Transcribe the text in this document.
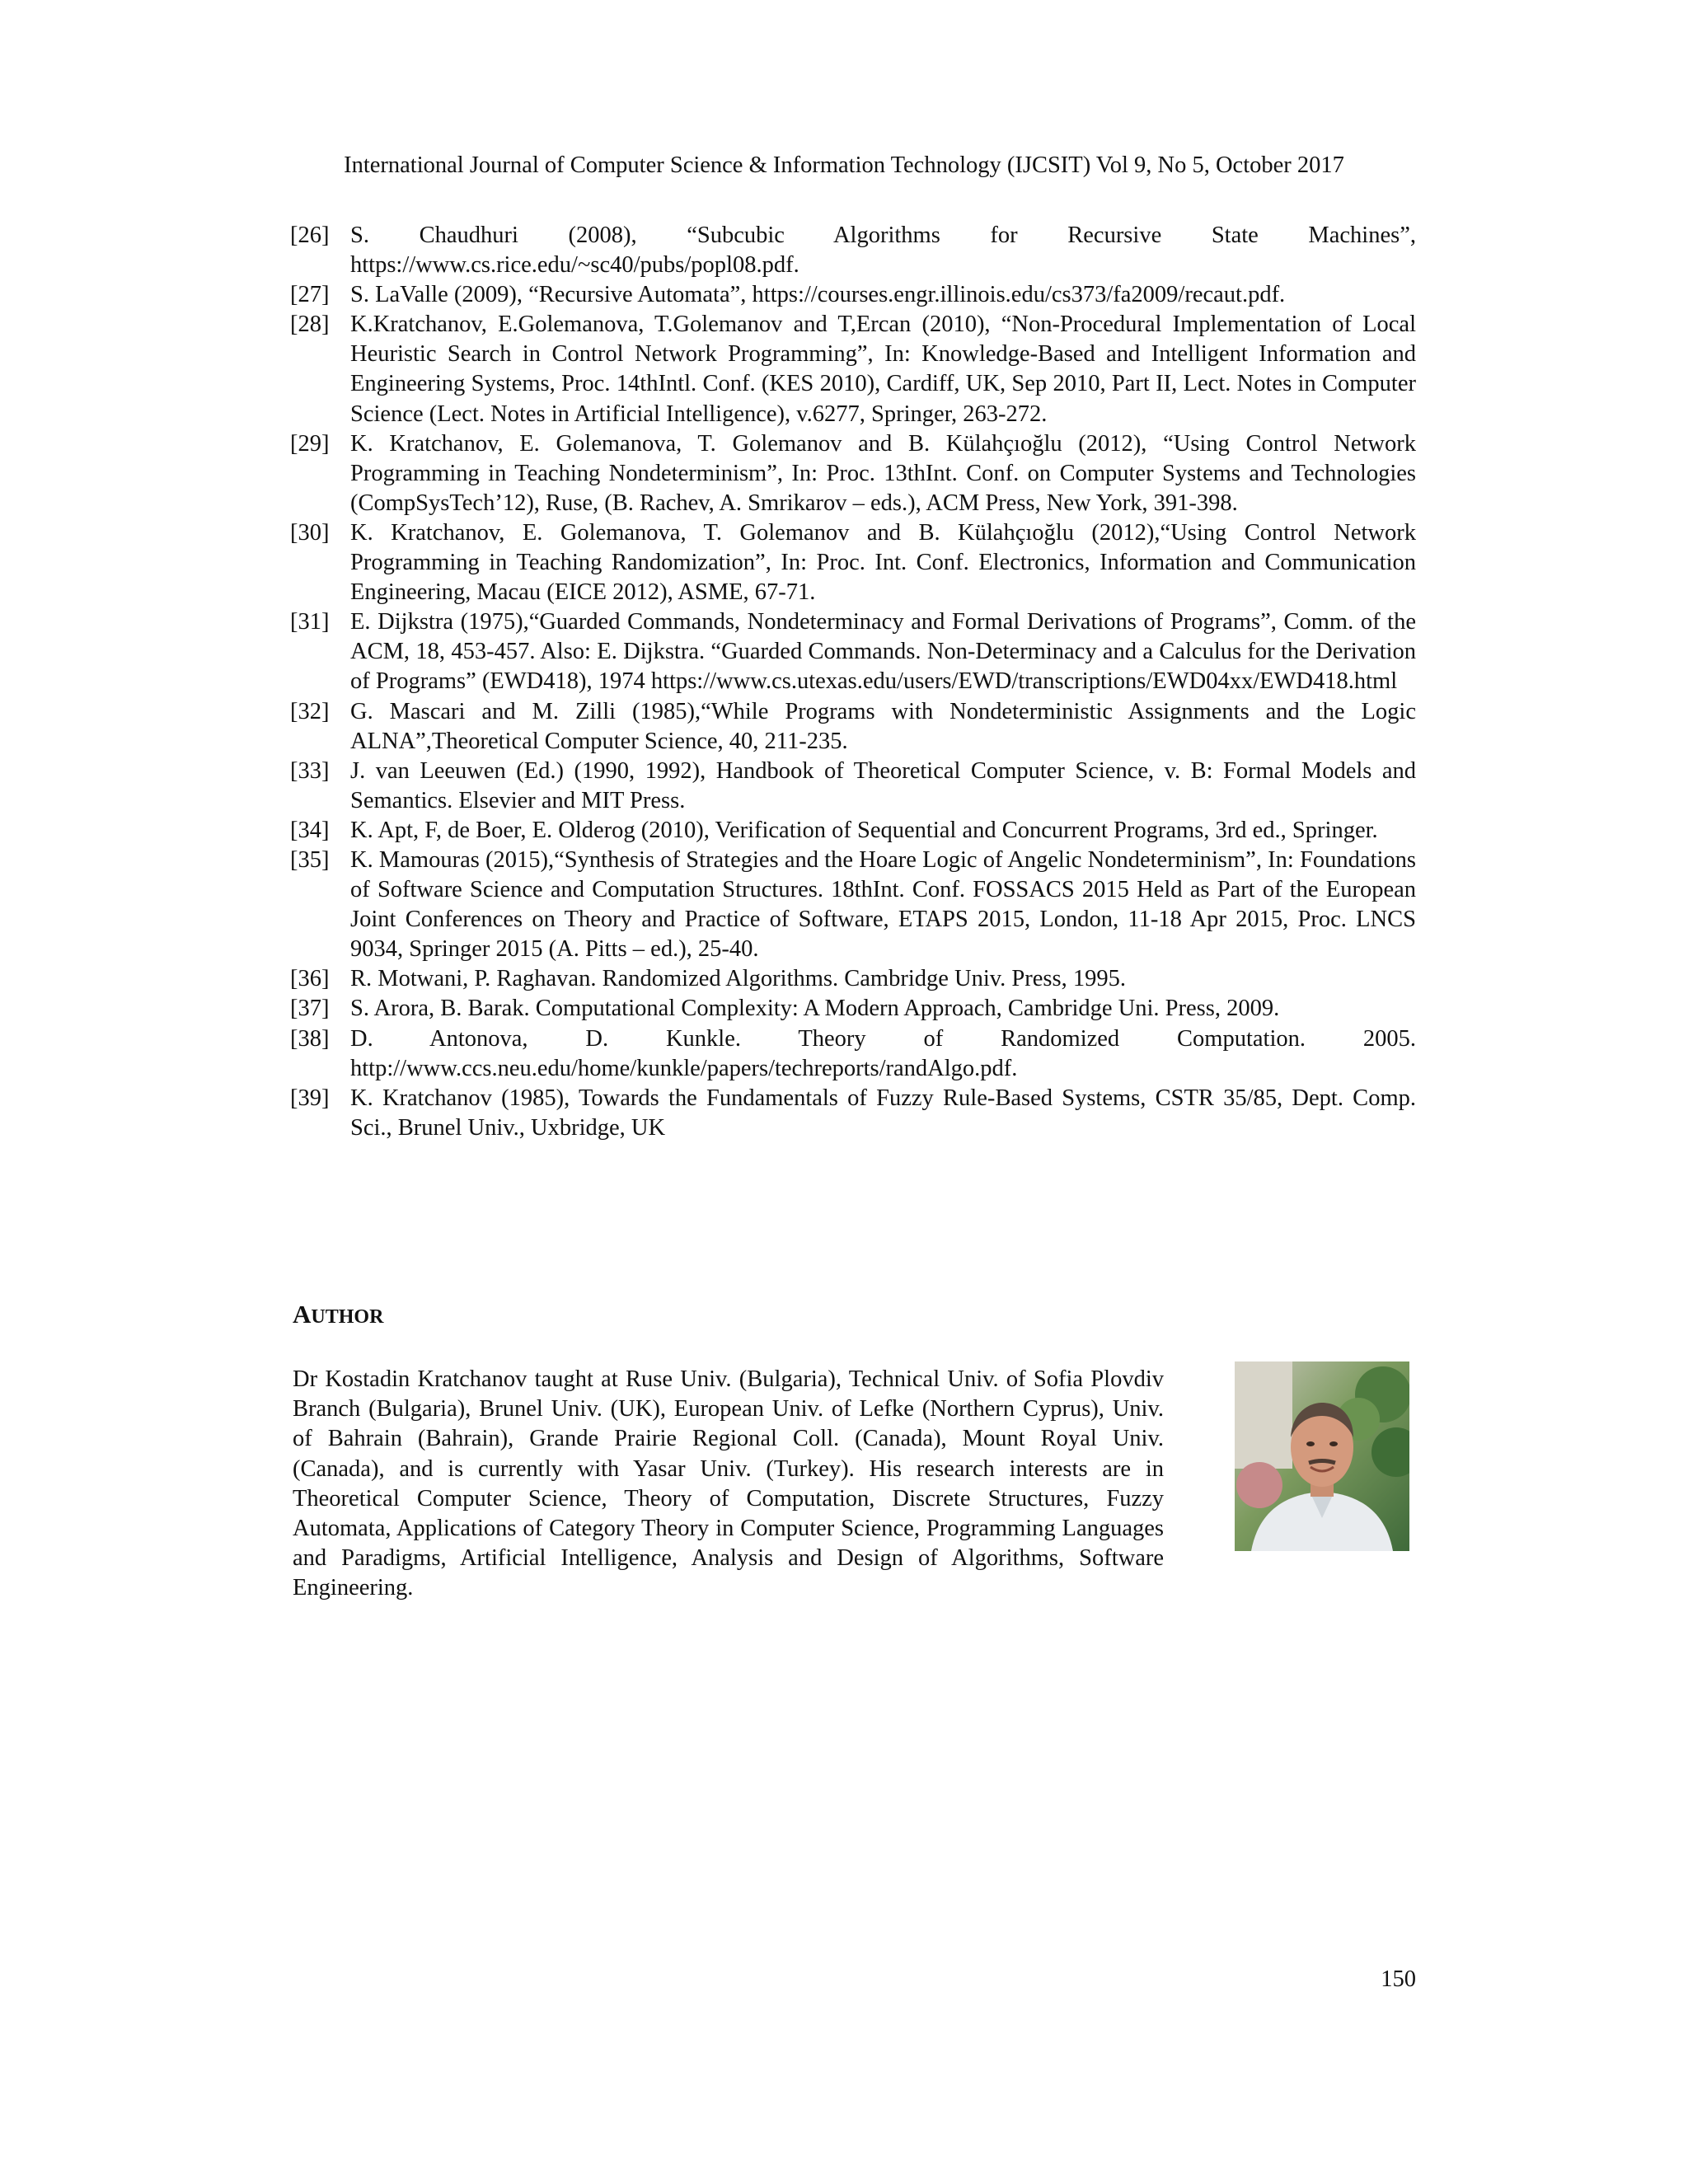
International Journal of Computer Science & Information Technology (IJCSIT) Vol 9, No 5, October 2017
[26] S. Chaudhuri (2008), “Subcubic Algorithms for Recursive State Machines”, https://www.cs.rice.edu/~sc40/pubs/popl08.pdf.
[27] S. LaValle (2009), “Recursive Automata”, https://courses.engr.illinois.edu/cs373/fa2009/recaut.pdf.
[28] K.Kratchanov, E.Golemanova, T.Golemanov and T,Ercan (2010), “Non-Procedural Implementation of Local Heuristic Search in Control Network Programming”, In: Knowledge-Based and Intelligent Information and Engineering Systems, Proc. 14thIntl. Conf. (KES 2010), Cardiff, UK, Sep 2010, Part II, Lect. Notes in Computer Science (Lect. Notes in Artificial Intelligence), v.6277, Springer, 263-272.
[29] K. Kratchanov, E. Golemanova, T. Golemanov and B. Külahçıoğlu (2012), “Using Control Network Programming in Teaching Nondeterminism”, In: Proc. 13thInt. Conf. on Computer Systems and Technologies (CompSysTech’12), Ruse, (B. Rachev, A. Smrikarov – eds.), ACM Press, New York, 391-398.
[30] K. Kratchanov, E. Golemanova, T. Golemanov and B. Külahçıoğlu (2012),“Using Control Network Programming in Teaching Randomization”, In: Proc. Int. Conf. Electronics, Information and Communication Engineering, Macau (EICE 2012), ASME, 67-71.
[31] E. Dijkstra (1975),“Guarded Commands, Nondeterminacy and Formal Derivations of Programs”, Comm. of the ACM, 18, 453-457. Also: E. Dijkstra. “Guarded Commands. Non-Determinacy and a Calculus for the Derivation of Programs” (EWD418), 1974 https://www.cs.utexas.edu/users/EWD/transcriptions/EWD04xx/EWD418.html
[32] G. Mascari and M. Zilli (1985),“While Programs with Nondeterministic Assignments and the Logic ALNA”,Theoretical Computer Science, 40, 211-235.
[33] J. van Leeuwen (Ed.) (1990, 1992), Handbook of Theoretical Computer Science, v. B: Formal Models and Semantics. Elsevier and MIT Press.
[34] K. Apt, F, de Boer, E. Olderog (2010), Verification of Sequential and Concurrent Programs, 3rd ed., Springer.
[35] K. Mamouras (2015),“Synthesis of Strategies and the Hoare Logic of Angelic Nondeterminism”, In: Foundations of Software Science and Computation Structures. 18thInt. Conf. FOSSACS 2015 Held as Part of the European Joint Conferences on Theory and Practice of Software, ETAPS 2015, London, 11-18 Apr 2015, Proc. LNCS 9034, Springer 2015 (A. Pitts – ed.), 25-40.
[36] R. Motwani, P. Raghavan. Randomized Algorithms. Cambridge Univ. Press, 1995.
[37] S. Arora, B. Barak. Computational Complexity: A Modern Approach, Cambridge Uni. Press, 2009.
[38] D. Antonova, D. Kunkle. Theory of Randomized Computation. 2005. http://www.ccs.neu.edu/home/kunkle/papers/techreports/randAlgo.pdf.
[39] K. Kratchanov (1985), Towards the Fundamentals of Fuzzy Rule-Based Systems, CSTR 35/85, Dept. Comp. Sci., Brunel Univ., Uxbridge, UK
AUTHOR

Dr Kostadin Kratchanov taught at Ruse Univ. (Bulgaria), Technical Univ. of Sofia Plovdiv Branch (Bulgaria), Brunel Univ. (UK), European Univ. of Lefke (Northern Cyprus), Univ. of Bahrain (Bahrain), Grande Prairie Regional Coll. (Canada), Mount Royal Univ. (Canada), and is currently with Yasar Univ. (Turkey). His research interests are in Theoretical Computer Science, Theory of Computation, Discrete Structures, Fuzzy Automata, Applications of Category Theory in Computer Science, Programming Languages and Paradigms, Artificial Intelligence, Analysis and Design of Algorithms, Software Engineering.

150
